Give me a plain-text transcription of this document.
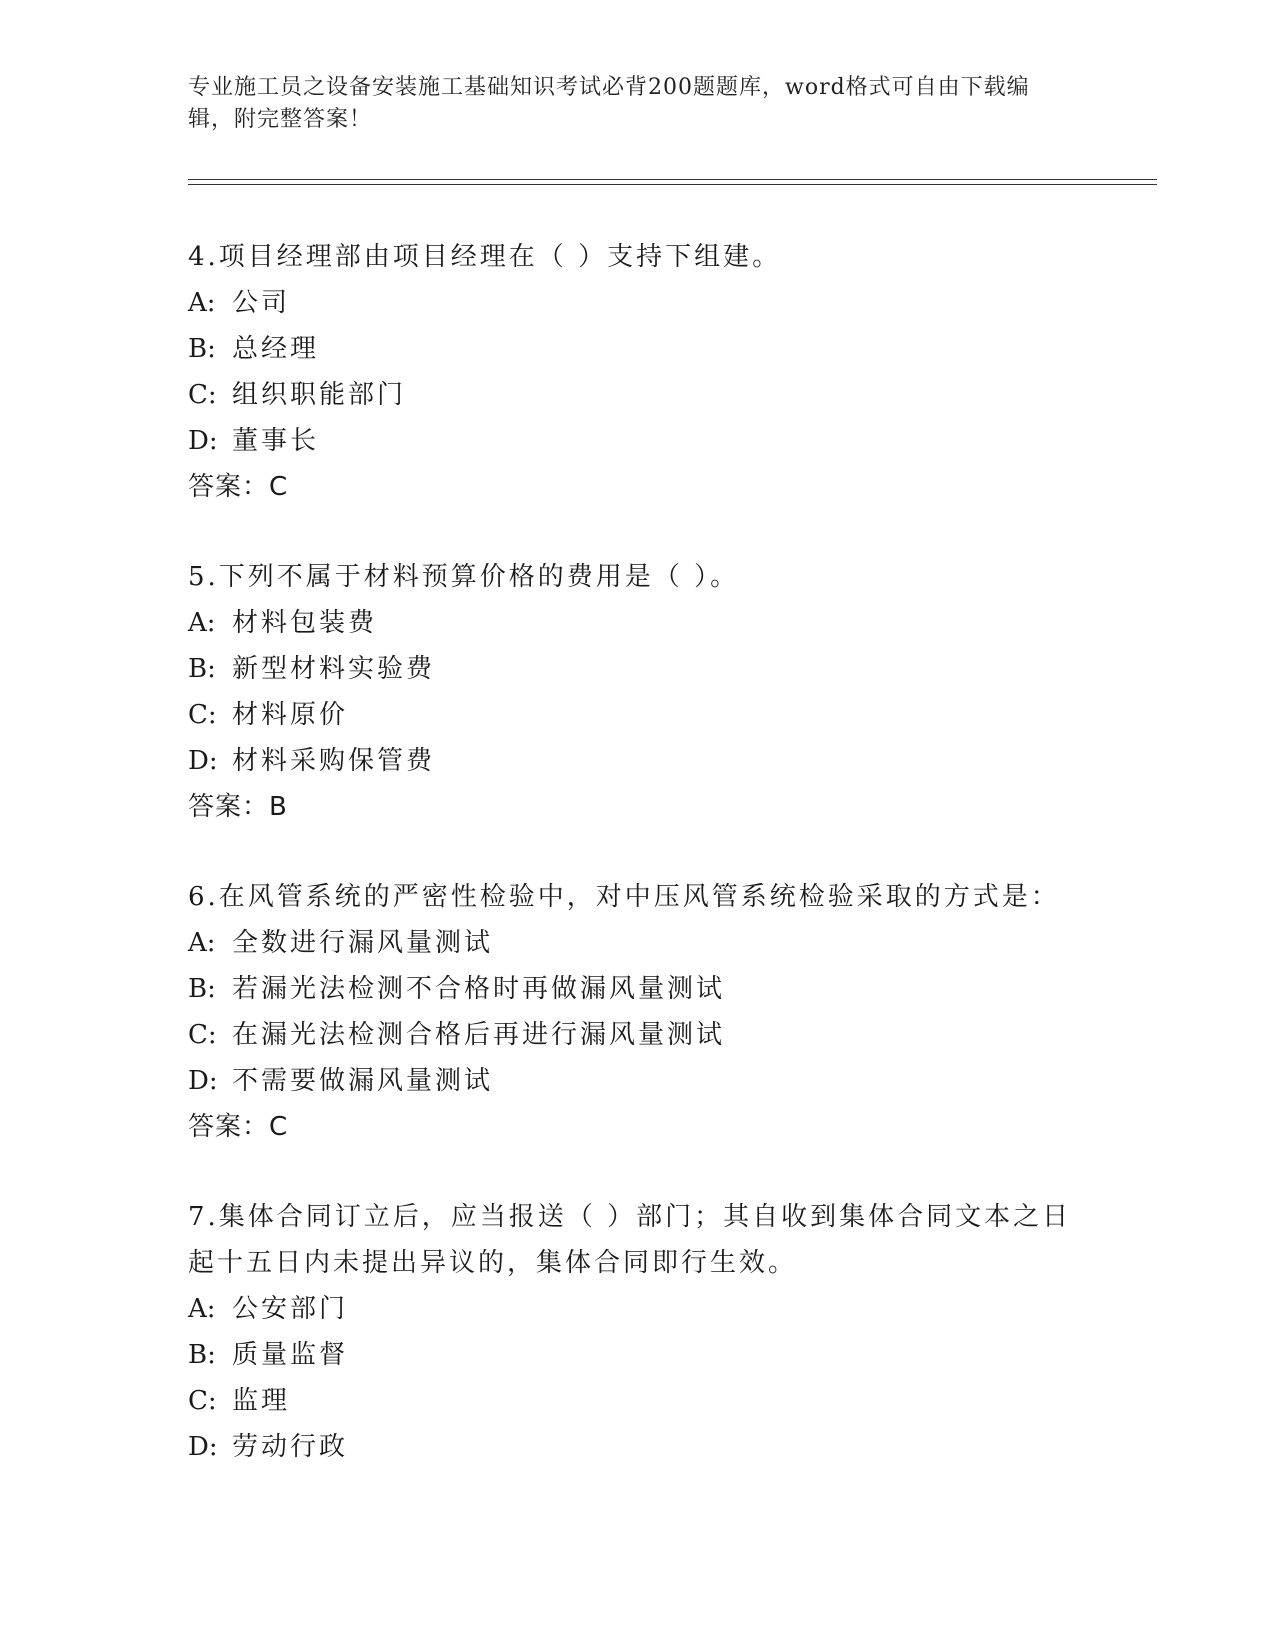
专业施工员之设备安装施工基础知识考试必背200题题库，word格式可自由下载编辑，附完整答案！

4.项目经理部由项目经理在（ ）支持下组建。

A: 公司

B: 总经理

C: 组织职能部门

D: 董事长

答案：C

5.下列不属于材料预算价格的费用是（ ）。

A: 材料包装费

B: 新型材料实验费

C: 材料原价

D: 材料采购保管费

答案：B

6.在风管系统的严密性检验中，对中压风管系统检验采取的方式是：

A: 全数进行漏风量测试

B: 若漏光法检测不合格时再做漏风量测试

C: 在漏光法检测合格后再进行漏风量测试

D: 不需要做漏风量测试

答案：C

7.集体合同订立后，应当报送（ ）部门；其自收到集体合同文本之日起十五日内未提出异议的，集体合同即行生效。

A: 公安部门

B: 质量监督

C: 监理

D: 劳动行政
